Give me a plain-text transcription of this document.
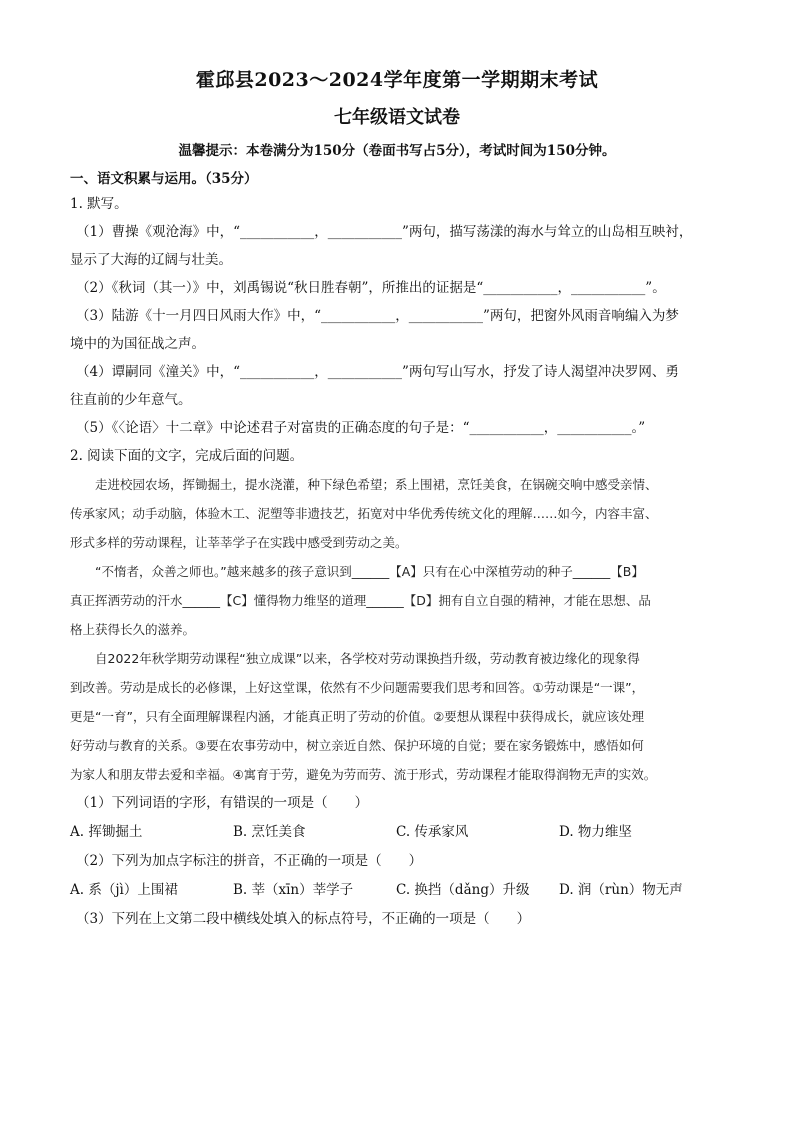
霍邱县2023～2024学年度第一学期期末考试
七年级语文试卷

温馨提示：本卷满分为150分（卷面书写占5分），考试时间为150分钟。

一、语文积累与运用。（35分）

1. 默写。

（1）曹操《观沧海》中，“___________，___________”两句，描写荡漾的海水与耸立的山岛相互映衬，

显示了大海的辽阔与壮美。

（2）《秋词（其一）》中，刘禹锡说“秋日胜春朝”，所推出的证据是“___________，___________”。

（3）陆游《十一月四日风雨大作》中，“___________，___________”两句，把窗外风雨音响编入为梦

境中的为国征战之声。

（4）谭嗣同《潼关》中，“___________，___________”两句写山写水，抒发了诗人渴望冲决罗网、勇

往直前的少年意气。

（5）《〈论语〉十二章》中论述君子对富贵的正确态度的句子是：“___________，___________。”

2. 阅读下面的文字，完成后面的问题。

走进校园农场，挥锄掘土，提水浇灌，种下绿色希望；系上围裙，烹饪美食，在锅碗交响中感受亲情、

传承家风；动手动脑，体验木工、泥塑等非遗技艺，拓宽对中华优秀传统文化的理解……如今，内容丰富、

形式多样的劳动课程，让莘莘学子在实践中感受到劳动之美。

“不惰者，众善之师也。”越来越多的孩子意识到______【A】只有在心中深植劳动的种子______【B】

真正挥洒劳动的汗水______【C】懂得物力维坚的道理______【D】拥有自立自强的精神，才能在思想、品

格上获得长久的滋养。

自2022年秋学期劳动课程“独立成课”以来，各学校对劳动课换挡升级，劳动教育被边缘化的现象得

到改善。劳动是成长的必修课，上好这堂课，依然有不少问题需要我们思考和回答。①劳动课是“一课”，

更是“一育”，只有全面理解课程内涵，才能真正明了劳动的价值。②要想从课程中获得成长，就应该处理

好劳动与教育的关系。③要在农事劳动中，树立亲近自然、保护环境的自觉；要在家务锻炼中，感悟如何

为家人和朋友带去爱和幸福。④寓育于劳，避免为劳而劳、流于形式，劳动课程才能取得润物无声的实效。

（1）下列词语的字形，有错误的一项是（　　）

A. 挥锄掘土	B. 烹饪美食	C. 传承家风	D. 物力维坚

（2）下列为加点字标注的拼音，不正确的一项是（　　）

A. 系（jì）上围裙	B. 莘（xīn）莘学子	C. 换挡（dǎng）升级	D. 润（rùn）物无声

（3）下列在上文第二段中横线处填入的标点符号，不正确的一项是（　　）
